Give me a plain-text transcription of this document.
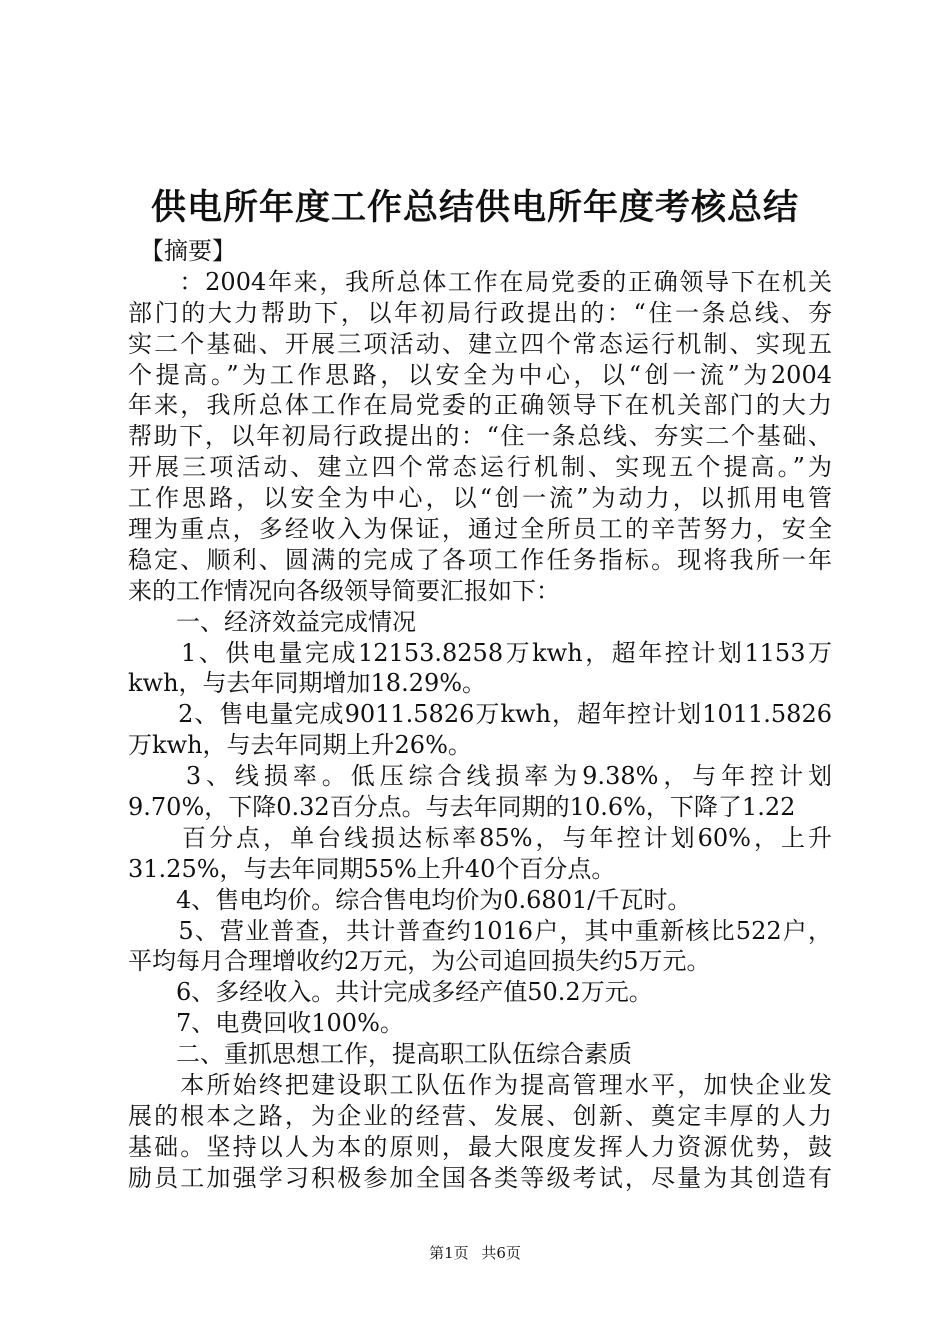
供电所年度工作总结供电所年度考核总结
　【摘要】
　　：2004年来，我所总体工作在局党委的正确领导下在机关
部门的大力帮助下，以年初局行政提出的：“住一条总线、夯
实二个基础、开展三项活动、建立四个常态运行机制、实现五
个提高。”为工作思路，以安全为中心，以“创一流”为2004
年来，我所总体工作在局党委的正确领导下在机关部门的大力
帮助下，以年初局行政提出的：“住一条总线、夯实二个基础、
开展三项活动、建立四个常态运行机制、实现五个提高。”为
工作思路，以安全为中心，以“创一流”为动力，以抓用电管
理为重点，多经收入为保证，通过全所员工的辛苦努力，安全
稳定、顺利、圆满的完成了各项工作任务指标。现将我所一年
来的工作情况向各级领导简要汇报如下：
　　一、经济效益完成情况
　　1、供电量完成12153.8258万kwh，超年控计划1153万
kwh，与去年同期增加18.29%。
　　2、售电量完成9011.5826万kwh，超年控计划1011.5826
万kwh，与去年同期上升26%。
　　3、线损率。低压综合线损率为9.38%，与年控计划
9.70%，下降0.32百分点。与去年同期的10.6%，下降了1.22
　　百分点，单台线损达标率85%，与年控计划60%，上升
31.25%，与去年同期55%上升40个百分点。
　　4、售电均价。综合售电均价为0.6801/千瓦时。
　　5、营业普查，共计普查约1016户，其中重新核比522户，
平均每月合理增收约2万元，为公司追回损失约5万元。
　　6、多经收入。共计完成多经产值50.2万元。
　　7、电费回收100%。
　　二、重抓思想工作，提高职工队伍综合素质
　　本所始终把建设职工队伍作为提高管理水平，加快企业发
展的根本之路，为企业的经营、发展、创新、奠定丰厚的人力
基础。坚持以人为本的原则，最大限度发挥人力资源优势，鼓
励员工加强学习积极参加全国各类等级考试，尽量为其创造有
第1页 共6页
